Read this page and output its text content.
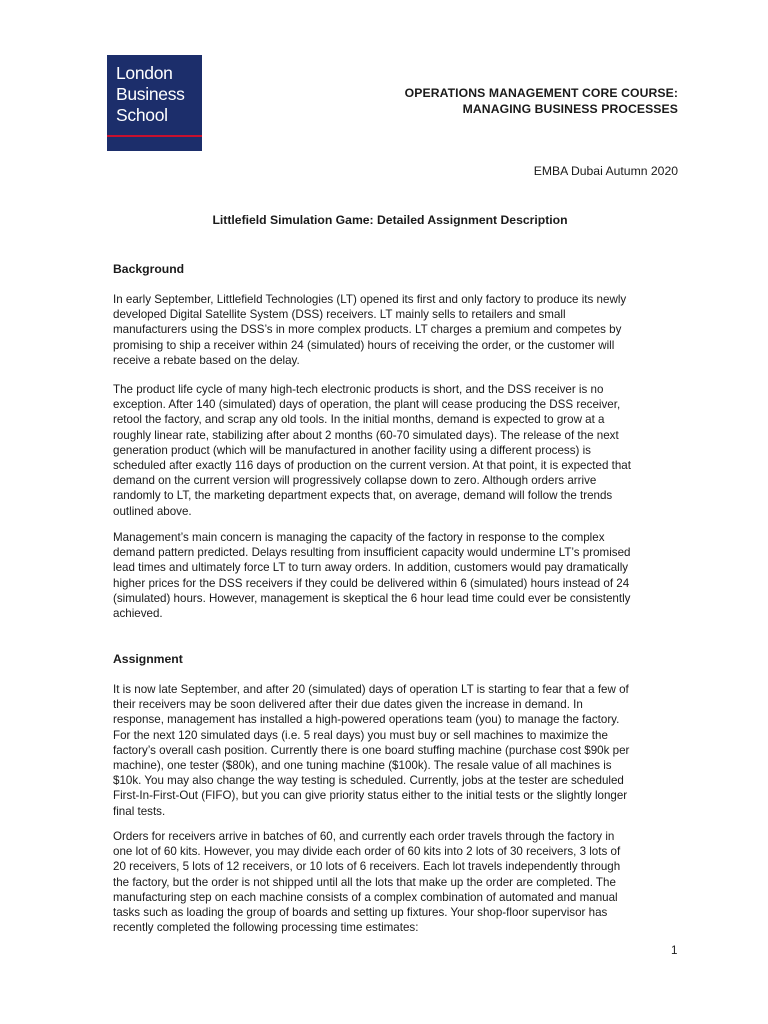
London
Business
School
OPERATIONS MANAGEMENT CORE COURSE:
MANAGING BUSINESS PROCESSES
EMBA Dubai Autumn 2020
Littlefield Simulation Game: Detailed Assignment Description
Background
In early September, Littlefield Technologies (LT) opened its first and only factory to produce its newly
developed Digital Satellite System (DSS) receivers. LT mainly sells to retailers and small
manufacturers using the DSS’s in more complex products. LT charges a premium and competes by
promising to ship a receiver within 24 (simulated) hours of receiving the order, or the customer will
receive a rebate based on the delay.
The product life cycle of many high-tech electronic products is short, and the DSS receiver is no
exception. After 140 (simulated) days of operation, the plant will cease producing the DSS receiver,
retool the factory, and scrap any old tools. In the initial months, demand is expected to grow at a
roughly linear rate, stabilizing after about 2 months (60-70 simulated days). The release of the next
generation product (which will be manufactured in another facility using a different process) is
scheduled after exactly 116 days of production on the current version. At that point, it is expected that
demand on the current version will progressively collapse down to zero. Although orders arrive
randomly to LT, the marketing department expects that, on average, demand will follow the trends
outlined above.
Management’s main concern is managing the capacity of the factory in response to the complex
demand pattern predicted. Delays resulting from insufficient capacity would undermine LT’s promised
lead times and ultimately force LT to turn away orders. In addition, customers would pay dramatically
higher prices for the DSS receivers if they could be delivered within 6 (simulated) hours instead of 24
(simulated) hours. However, management is skeptical the 6 hour lead time could ever be consistently
achieved.
Assignment
It is now late September, and after 20 (simulated) days of operation LT is starting to fear that a few of
their receivers may be soon delivered after their due dates given the increase in demand. In
response, management has installed a high-powered operations team (you) to manage the factory.
For the next 120 simulated days (i.e. 5 real days) you must buy or sell machines to maximize the
factory’s overall cash position. Currently there is one board stuffing machine (purchase cost $90k per
machine), one tester ($80k), and one tuning machine ($100k). The resale value of all machines is
$10k. You may also change the way testing is scheduled. Currently, jobs at the tester are scheduled
First-In-First-Out (FIFO), but you can give priority status either to the initial tests or the slightly longer
final tests.
Orders for receivers arrive in batches of 60, and currently each order travels through the factory in
one lot of 60 kits. However, you may divide each order of 60 kits into 2 lots of 30 receivers, 3 lots of
20 receivers, 5 lots of 12 receivers, or 10 lots of 6 receivers. Each lot travels independently through
the factory, but the order is not shipped until all the lots that make up the order are completed. The
manufacturing step on each machine consists of a complex combination of automated and manual
tasks such as loading the group of boards and setting up fixtures. Your shop-floor supervisor has
recently completed the following processing time estimates:
1
